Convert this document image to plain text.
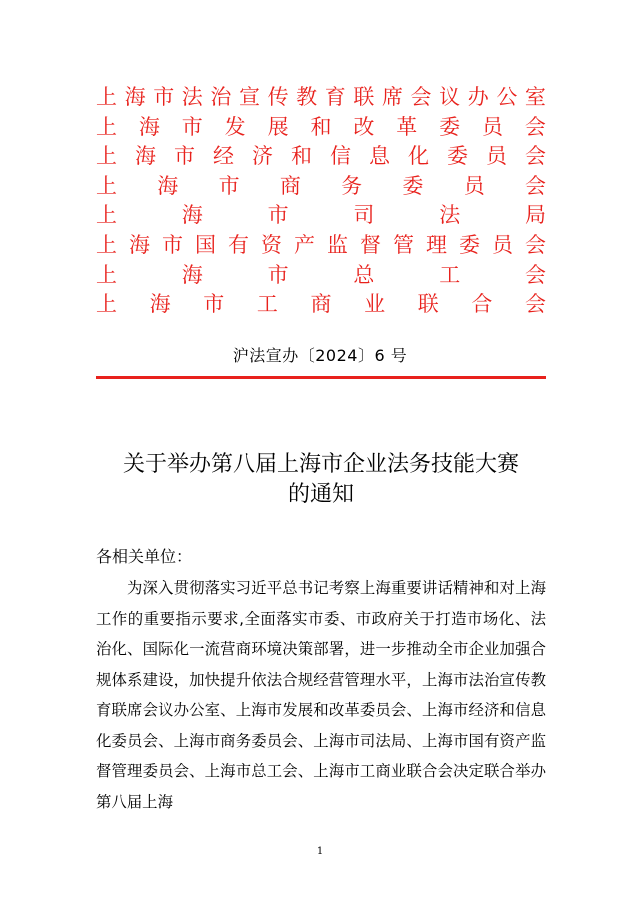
上 海 市 法 治 宣 传 教 育 联 席 会 议 办 公 室
上 海 市 发 展 和 改 革 委 员 会
上 海 市 经 济 和 信 息 化 委 员 会
上 海 市 商 务 委 员 会
上	海	市	司	法	局
上 海 市 国 有 资 产 监 督 管 理 委 员 会
上	海	市	总	工	会
上 海 市 工 商 业 联 合 会
沪法宣办〔2024〕6 号
关于举办第八届上海市企业法务技能大赛
的通知
各相关单位：
为深入贯彻落实习近平总书记考察上海重要讲话精神和对上海工作的重要指示要求,全面落实市委、市政府关于打造市场化、法治化、国际化一流营商环境决策部署，进一步推动全市企业加强合规体系建设，加快提升依法合规经营管理水平，上海市法治宣传教育联席会议办公室、上海市发展和改革委员会、上海市经济和信息化委员会、上海市商务委员会、上海市司法局、上海市国有资产监督管理委员会、上海市总工会、上海市工商业联合会决定联合举办第八届上海
1
